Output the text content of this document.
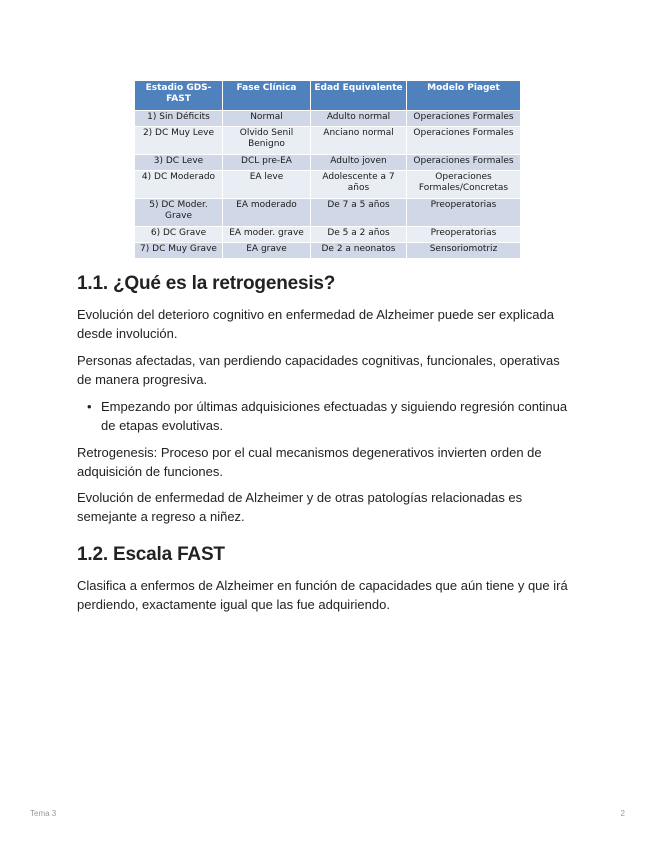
Estadio GDS-FAST	Fase Clínica	Edad Equivalente	Modelo Piaget
1) Sin Déficits	Normal	Adulto normal	Operaciones Formales
2) DC Muy Leve	Olvido Senil Benigno	Anciano normal	Operaciones Formales
3) DC Leve	DCL pre-EA	Adulto joven	Operaciones Formales
4) DC Moderado	EA leve	Adolescente a 7 años	Operaciones Formales/Concretas
5) DC Moder. Grave	EA moderado	De 7 a 5 años	Preoperatorias
6) DC Grave	EA moder. grave	De 5 a 2 años	Preoperatorias
7) DC Muy Grave	EA grave	De 2 a neonatos	Sensoriomotriz
1.1. ¿Qué es la retrogenesis?

Evolución del deterioro cognitivo en enfermedad de Alzheimer puede ser explicada desde involución.

Personas afectadas, van perdiendo capacidades cognitivas, funcionales, operativas de manera progresiva.

• Empezando por últimas adquisiciones efectuadas y siguiendo regresión continua de etapas evolutivas.

Retrogenesis: Proceso por el cual mecanismos degenerativos invierten orden de adquisición de funciones.

Evolución de enfermedad de Alzheimer y de otras patologías relacionadas es semejante a regreso a niñez.

1.2. Escala FAST

Clasifica a enfermos de Alzheimer en función de capacidades que aún tiene y que irá perdiendo, exactamente igual que las fue adquiriendo.

Tema 3	2
